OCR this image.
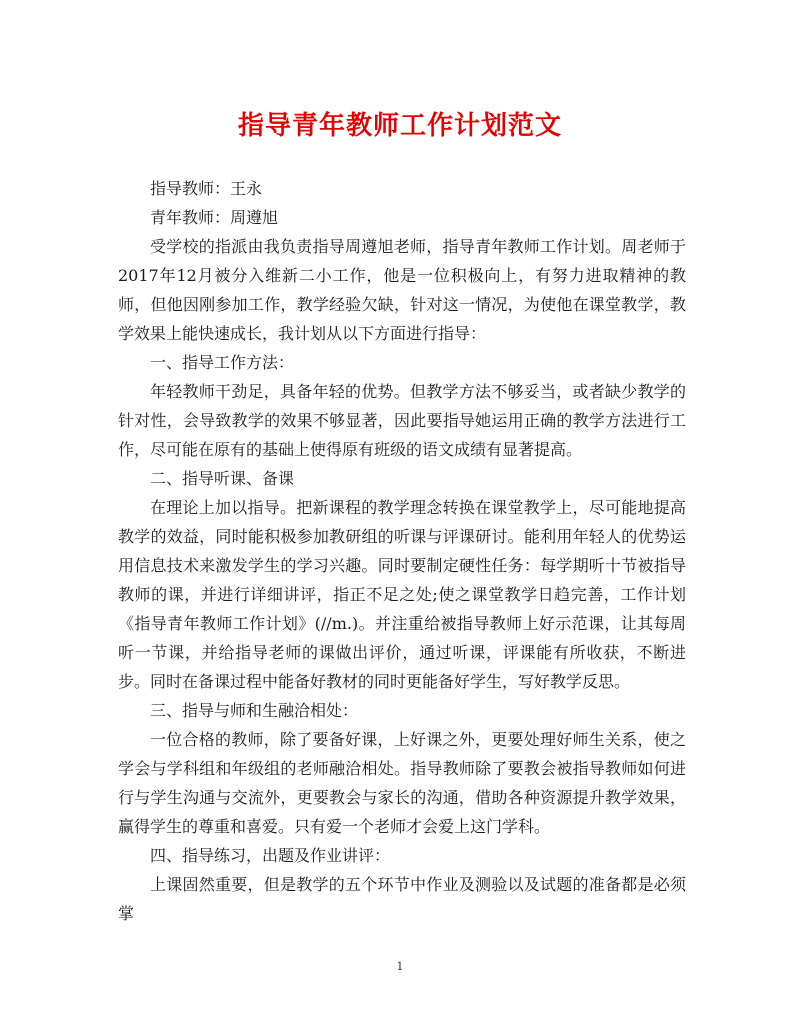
指导青年教师工作计划范文

指导教师：王永

青年教师：周遵旭

受学校的指派由我负责指导周遵旭老师，指导青年教师工作计划。周老师于2017年12月被分入维新二小工作，他是一位积极向上，有努力进取精神的教师，但他因刚参加工作，教学经验欠缺，针对这一情况，为使他在课堂教学，教学效果上能快速成长，我计划从以下方面进行指导：

一、指导工作方法：

年轻教师干劲足，具备年轻的优势。但教学方法不够妥当，或者缺少教学的针对性，会导致教学的效果不够显著，因此要指导她运用正确的教学方法进行工作，尽可能在原有的基础上使得原有班级的语文成绩有显著提高。

二、指导听课、备课

在理论上加以指导。把新课程的教学理念转换在课堂教学上，尽可能地提高教学的效益，同时能积极参加教研组的听课与评课研讨。能利用年轻人的优势运用信息技术来激发学生的学习兴趣。同时要制定硬性任务：每学期听十节被指导教师的课，并进行详细讲评，指正不足之处;使之课堂教学日趋完善，工作计划《指导青年教师工作计划》(//m.)。并注重给被指导教师上好示范课，让其每周听一节课，并给指导老师的课做出评价，通过听课，评课能有所收获，不断进步。同时在备课过程中能备好教材的同时更能备好学生，写好教学反思。

三、指导与师和生融洽相处：

一位合格的教师，除了要备好课，上好课之外，更要处理好师生关系，使之学会与学科组和年级组的老师融洽相处。指导教师除了要教会被指导教师如何进行与学生沟通与交流外，更要教会与家长的沟通，借助各种资源提升教学效果，赢得学生的尊重和喜爱。只有爱一个老师才会爱上这门学科。

四、指导练习，出题及作业讲评：

上课固然重要，但是教学的五个环节中作业及测验以及试题的准备都是必须掌

1
